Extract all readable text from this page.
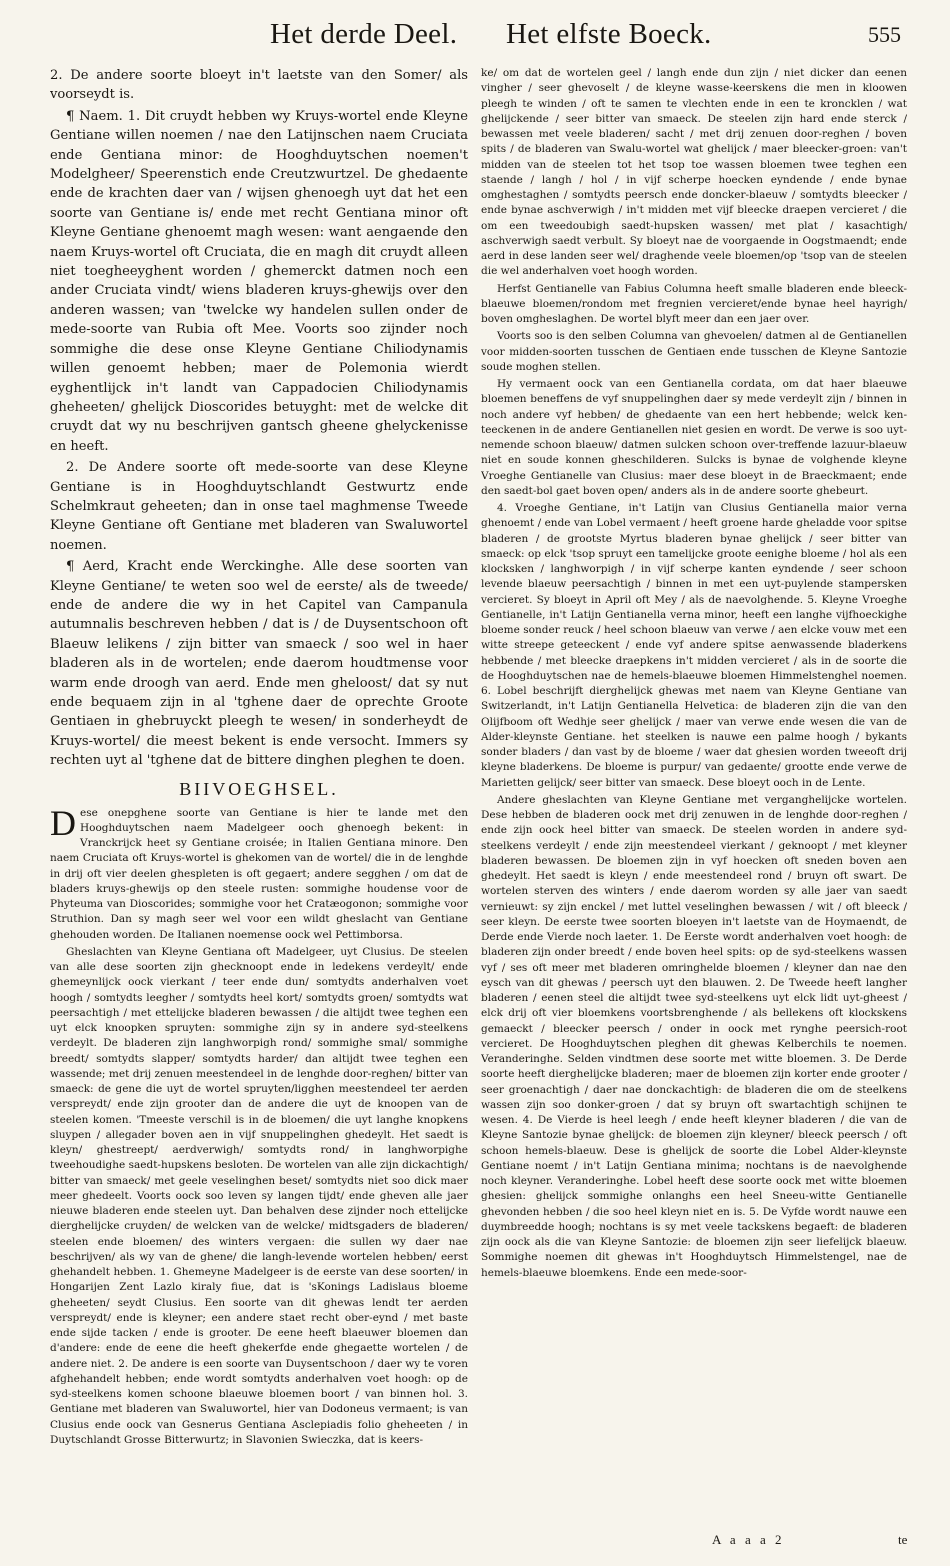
Het derde Deel. Het elfste Boeck.	555

2. De andere soorte bloeyt in't laetste van den Somer/ als voorseydt is.

¶ Naem. 1. Dit cruydt hebben wy Kruys-wortel ende Kleyne Gentiane willen noemen / nae den Latijnschen naem Cruciata ende Gentiana minor: de Hooghduytschen noemen't Modelgheer/ Speerenstich ende Creutzwurtzel. De ghedaente ende de krachten daer van / wijsen ghenoegh uyt dat het een soorte van Gentiane is/ ende met recht Gentiana minor oft Kleyne Gentiane ghenoemt magh wesen: want aengaende den naem Kruys-wortel oft Cruciata, die en magh dit cruydt alleen niet toegheeyghent worden / ghemerckt datmen noch een ander Cruciata vindt/ wiens bladeren kruys-ghewijs over den anderen wassen; van 'twelcke wy handelen sullen onder de mede-soorte van Rubia oft Mee. Voorts soo zijnder noch sommighe die dese onse Kleyne Gentiane Chiliodynamis willen genoemt hebben; maer de Polemonia wierdt eyghentlijck in't landt van Cappadocien Chiliodynamis gheheeten/ ghelijck Dioscorides betuyght: met de welcke dit cruydt dat wy nu beschrijven gantsch gheene ghelyckenisse en heeft.

2. De Andere soorte oft mede-soorte van dese Kleyne Gentiane is in Hooghduytschlandt Gestwurtz ende Schelmkraut geheeten; dan in onse tael maghmense Tweede Kleyne Gentiane oft Gentiane met bladeren van Swaluwortel noemen.

¶ Aerd, Kracht ende Werckinghe. Alle dese soorten van Kleyne Gentiane/ te weten soo wel de eerste/ als de tweede/ ende de andere die wy in het Capitel van Campanula autumnalis beschreven hebben / dat is / de Duysentschoon oft Blaeuw lelikens / zijn bitter van smaeck / soo wel in haer bladeren als in de wortelen; ende daerom houdtmense voor warm ende droogh van aerd. Ende men gheloost/ dat sy nut ende bequaem zijn in al 'tghene daer de oprechte Groote Gentiaen in ghebruyckt pleegh te wesen/ in sonderheydt de Kruys-wortel/ die meest bekent is ende versocht. Immers sy rechten uyt al 'tghene dat de bittere dinghen pleghen te doen.

BIIVOEGHSEL.

Dese onepghene soorte van Gentiane is hier te lande met den Hooghduytschen naem Madelgeer ooch ghenoegh bekent: in Vranckrijck heet sy Gentiane croisée; in Italien Gentiana minore. Den naem Cruciata oft Kruys-wortel is ghekomen van de wortel/ die in de lenghde in drij oft vier deelen ghespleten is oft gegaert; andere segghen / om dat de bladers kruys-ghewijs op den steele rusten: sommighe houdense voor de Phyteuma van Dioscorides; sommighe voor het Cratæogonon; sommighe voor Struthion. Dan sy magh seer wel voor een wildt gheslacht van Gentiane ghehouden worden. De Italianen noemense oock wel Pettimborsa.

Gheslachten van Kleyne Gentiana oft Madelgeer, uyt Clusius. De steelen van alle dese soorten zijn ghecknoopt ende in ledekens verdeylt/ ende ghemeynlijck oock vierkant / teer ende dun/ somtydts anderhalven voet hoogh / somtydts leegher / somtydts heel kort/ somtydts groen/ somtydts wat peersachtigh / met ettelijcke bladeren bewassen / die altijdt twee teghen een uyt elck knoopken spruyten: sommighe zijn sy in andere syd-steelkens verdeylt. De bladeren zijn langhworpigh rond/ sommighe smal/ sommighe breedt/ somtydts slapper/ somtydts harder/ dan altijdt twee teghen een wassende; met drij zenuen meestendeel in de lenghde door-reghen/ bitter van smaeck: de gene die uyt de wortel spruyten/ligghen meestendeel ter aerden verspreydt/ ende zijn grooter dan de andere die uyt de knoopen van de steelen komen. 'Tmeeste verschil is in de bloemen/ die uyt langhe knopkens sluypen / allegader boven aen in vijf snuppelinghen ghedeylt. Het saedt is kleyn/ ghestreept/ aerdverwigh/ somtydts rond/ in langhworpighe tweehoudighe saedt-hupskens besloten. De wortelen van alle zijn dickachtigh/ bitter van smaeck/ met geele veselinghen beset/ somtydts niet soo dick maer meer ghedeelt. Voorts oock soo leven sy langen tijdt/ ende gheven alle jaer nieuwe bladeren ende steelen uyt. Dan behalven dese zijnder noch ettelijcke dierghelijcke cruyden/ de welcken van de welcke/ midtsgaders de bladeren/ steelen ende bloemen/ des winters vergaen: die sullen wy daer nae beschrijven/ als wy van de ghene/ die langh-levende wortelen hebben/ eerst ghehandelt hebben. 1. Ghemeyne Madelgeer is de eerste van dese soorten/ in Hongarijen Zent Lazlo kiraly fiue, dat is 'sKonings Ladislaus bloeme gheheeten/ seydt Clusius. Een soorte van dit ghewas lendt ter aerden verspreydt/ ende is kleyner; een andere staet recht ober-eynd / met baste ende sijde tacken / ende is grooter. De eene heeft blaeuwer bloemen dan d'andere: ende de eene die heeft ghekerfde ende ghegaette wortelen / de andere niet. 2. De andere is een soorte van Duysentschoon / daer wy te voren afghehandelt hebben; ende wordt somtydts anderhalven voet hoogh: op de syd-steelkens komen schoone blaeuwe bloemen boort / van binnen hol. 3. Gentiane met bladeren van Swaluwortel, hier van Dodoneus vermaent; is van Clusius ende oock van Gesnerus Gentiana Asclepiadis folio gheheeten / in Duytschlandt Grosse Bitterwurtz; in Slavonien Swieczka, dat is keers-

ke/ om dat de wortelen geel / langh ende dun zijn / niet dicker dan eenen vingher / seer ghevoselt / de kleyne wasse-keerskens die men in kloowen pleegh te winden / oft te samen te vlechten ende in een te kroncklen / wat ghelijckende / seer bitter van smaeck. De steelen zijn hard ende sterck / bewassen met veele bladeren/ sacht / met drij zenuen door-reghen / boven spits / de bladeren van Swalu-wortel wat ghelijck / maer bleecker-groen: van't midden van de steelen tot het tsop toe wassen bloemen twee teghen een staende / langh / hol / in vijf scherpe hoecken eyndende / ende bynae omghestaghen / somtydts peersch ende doncker-blaeuw / somtydts bleecker / ende bynae aschverwigh / in't midden met vijf bleecke draepen vercieret / die om een tweedoubigh saedt-hupsken wassen/ met plat / kasachtigh/ aschverwigh saedt verbult. Sy bloeyt nae de voorgaende in Oogstmaendt; ende aerd in dese landen seer wel/ draghende veele bloemen/op 'tsop van de steelen die wel anderhalven voet hoogh worden.

Herfst Gentianelle van Fabius Columna heeft smalle bladeren ende bleeck-blaeuwe bloemen/rondom met fregnien vercieret/ende bynae heel hayrigh/ boven omgheslaghen. De wortel blyft meer dan een jaer over.

Voorts soo is den selben Columna van ghevoelen/ datmen al de Gentianellen voor midden-soorten tusschen de Gentiaen ende tusschen de Kleyne Santozie soude moghen stellen.

Hy vermaent oock van een Gentianella cordata, om dat haer blaeuwe bloemen beneffens de vyf snuppelinghen daer sy mede verdeylt zijn / binnen in noch andere vyf hebben/ de ghedaente van een hert hebbende; welck ken-teeckenen in de andere Gentianellen niet gesien en wordt. De verwe is soo uyt-nemende schoon blaeuw/ datmen sulcken schoon over-treffende lazuur-blaeuw niet en soude konnen gheschilderen. Sulcks is bynae de volghende kleyne Vroeghe Gentianelle van Clusius: maer dese bloeyt in de Braeckmaent; ende den saedt-bol gaet boven open/ anders als in de andere soorte ghebeurt.

4. Vroeghe Gentiane, in't Latijn van Clusius Gentianella maior verna ghenoemt / ende van Lobel vermaent / heeft groene harde gheladde voor spitse bladeren / de grootste Myrtus bladeren bynae ghelijck / seer bitter van smaeck: op elck 'tsop spruyt een tamelijcke groote eenighe bloeme / hol als een klocksken / langhworpigh / in vijf scherpe kanten eyndende / seer schoon levende blaeuw peersachtigh / binnen in met een uyt-puylende stampersken vercieret. Sy bloeyt in April oft Mey / als de naevolghende. 5. Kleyne Vroeghe Gentianelle, in't Latijn Gentianella verna minor, heeft een langhe vijfhoeckighe bloeme sonder reuck / heel schoon blaeuw van verwe / aen elcke vouw met een witte streepe geteeckent / ende vyf andere spitse aenwassende bladerkens hebbende / met bleecke draepkens in't midden vercieret / als in de soorte die de Hooghduytschen nae de hemels-blaeuwe bloemen Himmelstenghel noemen. 6. Lobel beschrijft dierghelijck ghewas met naem van Kleyne Gentiane van Switzerlandt, in't Latijn Gentianella Helvetica: de bladeren zijn die van den Olijfboom oft Wedhje seer ghelijck / maer van verwe ende wesen die van de Alder-kleynste Gentiane. het steelken is nauwe een palme hoogh / bykants sonder bladers / dan vast by de bloeme / waer dat ghesien worden tweeoft drij kleyne bladerkens. De bloeme is purpur/ van gedaente/ grootte ende verwe de Marietten gelijck/ seer bitter van smaeck. Dese bloeyt ooch in de Lente.

Andere gheslachten van Kleyne Gentiane met verganghelijcke wortelen. Dese hebben de bladeren oock met drij zenuwen in de lenghde door-reghen / ende zijn oock heel bitter van smaeck. De steelen worden in andere syd-steelkens verdeylt / ende zijn meestendeel vierkant / geknoopt / met kleyner bladeren bewassen. De bloemen zijn in vyf hoecken oft sneden boven aen ghedeylt. Het saedt is kleyn / ende meestendeel rond / bruyn oft swart. De wortelen sterven des winters / ende daerom worden sy alle jaer van saedt vernieuwt: sy zijn enckel / met luttel veselinghen bewassen / wit / oft bleeck / seer kleyn. De eerste twee soorten bloeyen in't laetste van de Hoymaendt, de Derde ende Vierde noch laeter. 1. De Eerste wordt anderhalven voet hoogh: de bladeren zijn onder breedt / ende boven heel spits: op de syd-steelkens wassen vyf / ses oft meer met bladeren omringhelde bloemen / kleyner dan nae den eysch van dit ghewas / peersch uyt den blauwen. 2. De Tweede heeft langher bladeren / eenen steel die altijdt twee syd-steelkens uyt elck lidt uyt-gheest / elck drij oft vier bloemkens voortsbrenghende / als bellekens oft klockskens gemaeckt / bleecker peersch / onder in oock met rynghe peersich-root vercieret. De Hooghduytschen pleghen dit ghewas Kelberchils te noemen. Veranderinghe. Selden vindtmen dese soorte met witte bloemen. 3. De Derde soorte heeft dierghelijcke bladeren; maer de bloemen zijn korter ende grooter / seer groenachtigh / daer nae donckachtigh: de bladeren die om de steelkens wassen zijn soo donker-groen / dat sy bruyn oft swartachtigh schijnen te wesen. 4. De Vierde is heel leegh / ende heeft kleyner bladeren / die van de Kleyne Santozie bynae ghelijck: de bloemen zijn kleyner/ bleeck peersch / oft schoon hemels-blaeuw. Dese is ghelijck de soorte die Lobel Alder-kleynste Gentiane noemt / in't Latijn Gentiana minima; nochtans is de naevolghende noch kleyner. Veranderinghe. Lobel heeft dese soorte oock met witte bloemen ghesien: ghelijck sommighe onlanghs een heel Sneeu-witte Gentianelle ghevonden hebben / die soo heel kleyn niet en is. 5. De Vyfde wordt nauwe een duymbreedde hoogh; nochtans is sy met veele tackskens begaeft: de bladeren zijn oock als die van Kleyne Santozie: de bloemen zijn seer liefelijck blaeuw. Sommighe noemen dit ghewas in't Hooghduytsch Himmelstengel, nae de hemels-blaeuwe bloemkens. Ende een mede-soor-

A a a a 2	te
